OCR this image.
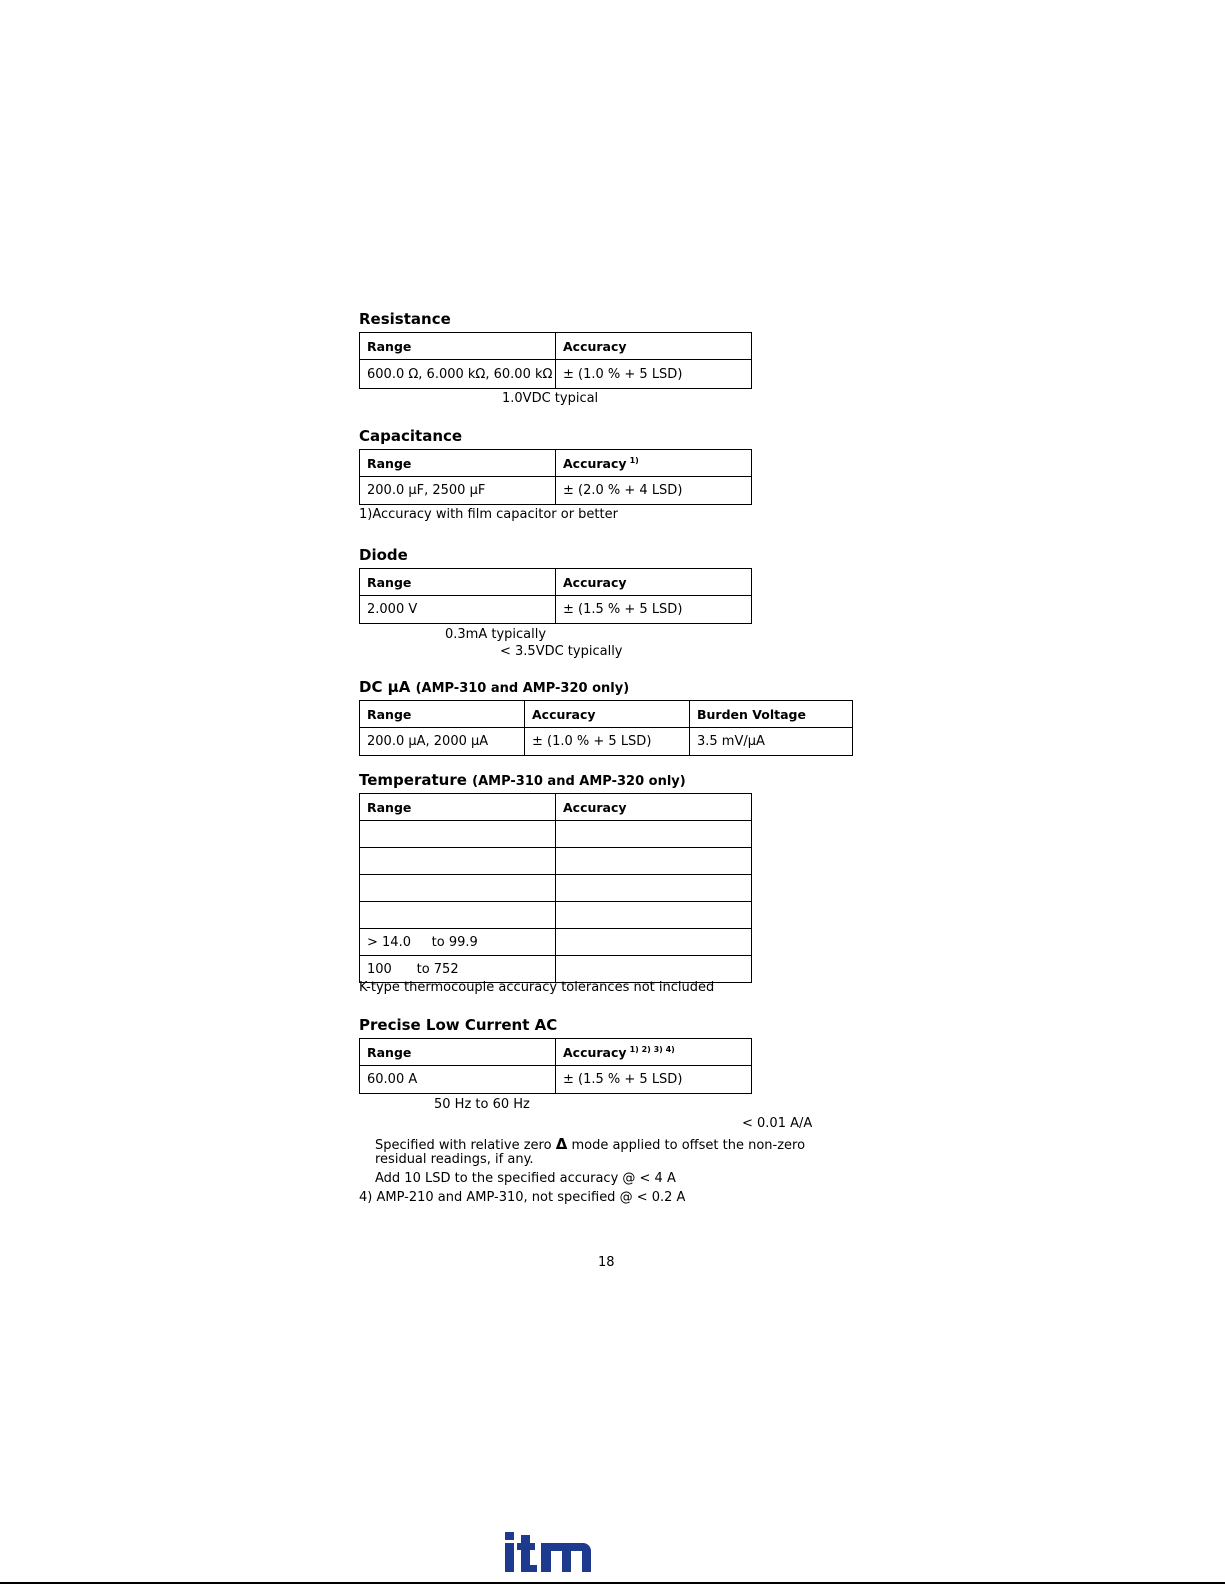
Resistance
Range	Accuracy
600.0 Ω, 6.000 kΩ, 60.00 kΩ	± (1.0 % + 5 LSD)
1.0VDC typical
Capacitance
Range	Accuracy $^{1)}$
200.0 µF, 2500 µF	± (2.0 % + 4 LSD)
1)Accuracy with film capacitor or better
Diode
Range	Accuracy
2.000 V	± (1.5 % + 5 LSD)
0.3mA typically
< 3.5VDC typically
DC µA (AMP-310 and AMP-320 only)
Range	Accuracy	Burden Voltage
200.0 µA, 2000 µA	± (1.0 % + 5 LSD)	3.5 mV/µA
Temperature (AMP-310 and AMP-320 only)
Range	Accuracy

> 14.0     to 99.9	
100      to 752	
K-type thermocouple accuracy tolerances not included
Precise Low Current AC
Range	Accuracy $^{1) 2) 3) 4)}$
60.00 A	± (1.5 % + 5 LSD)
50 Hz to 60 Hz
< 0.01 A/A
Specified with relative zero Δ mode applied to offset the non-zero
residual readings, if any.
Add 10 LSD to the specified accuracy @ < 4 A
4) AMP-210 and AMP-310, not specified @ < 0.2 A
18
